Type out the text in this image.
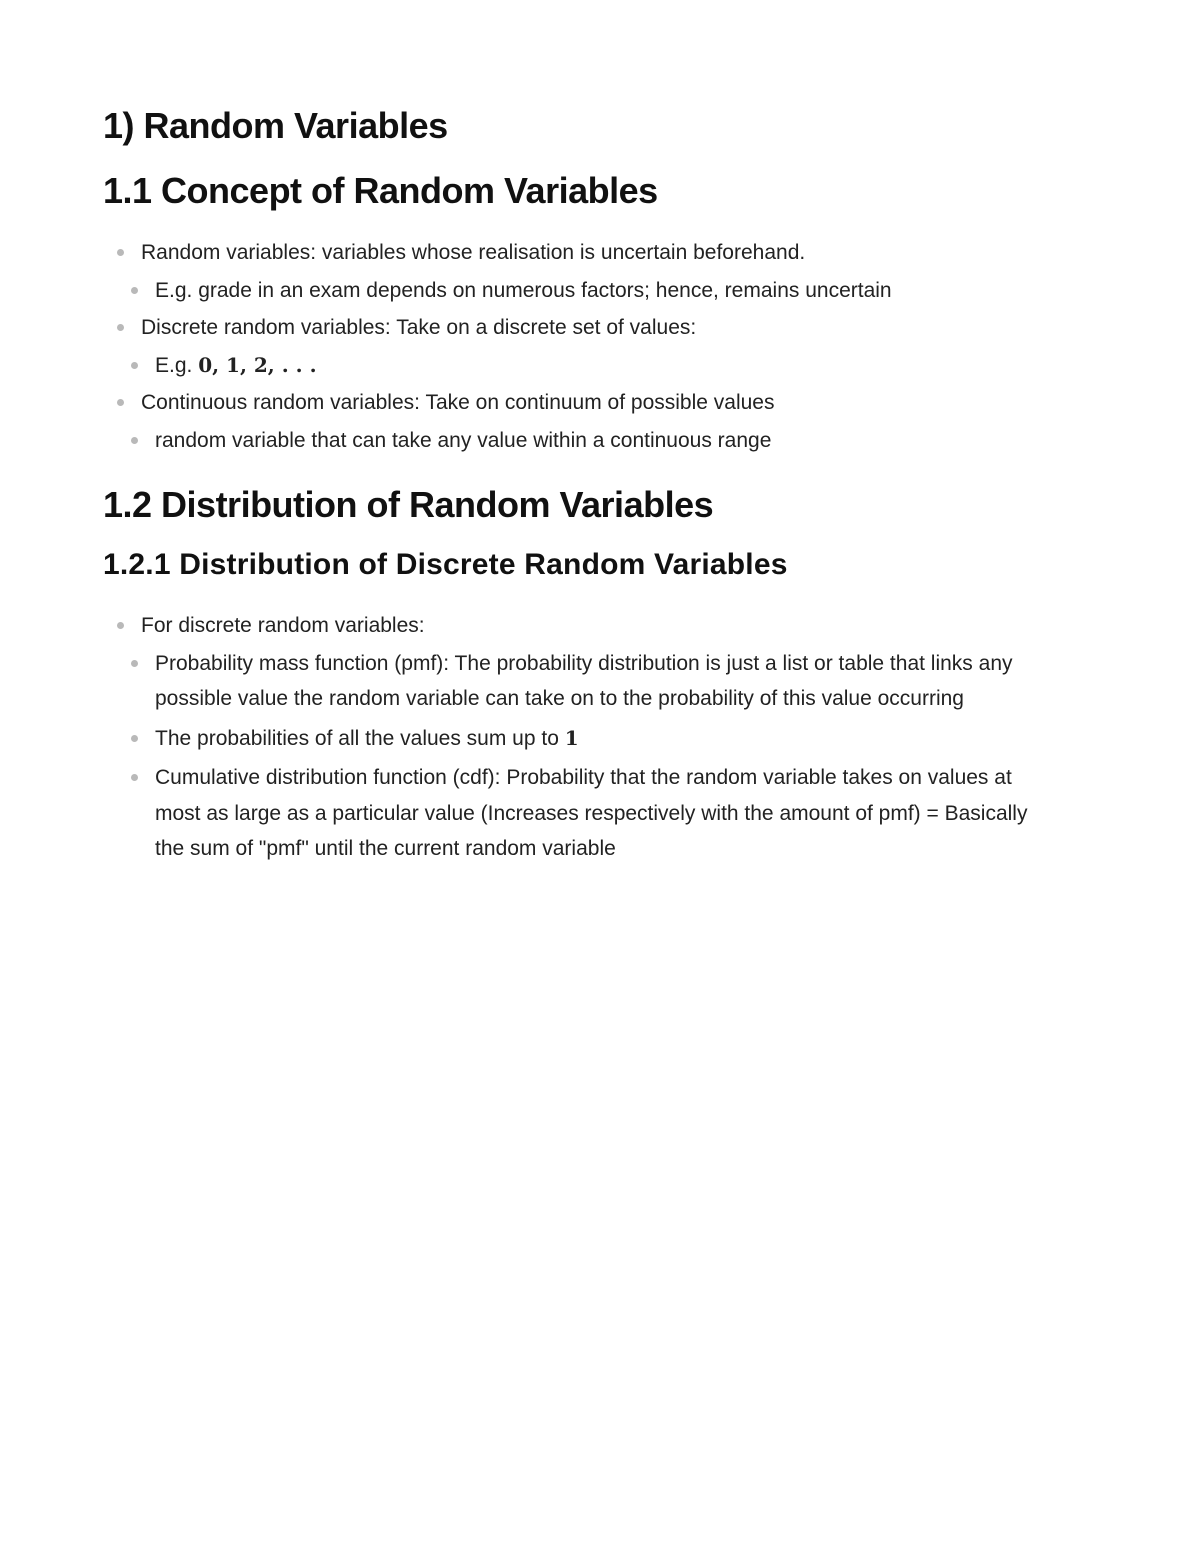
1) Random Variables
1.1 Concept of Random Variables
Random variables: variables whose realisation is uncertain beforehand.
E.g. grade in an exam depends on numerous factors; hence, remains uncertain
Discrete random variables: Take on a discrete set of values:
E.g. 0, 1, 2, . . .
Continuous random variables: Take on continuum of possible values
random variable that can take any value within a continuous range
1.2 Distribution of Random Variables
1.2.1 Distribution of Discrete Random Variables
For discrete random variables:
Probability mass function (pmf): The probability distribution is just a list or table that links any possible value the random variable can take on to the probability of this value occurring
The probabilities of all the values sum up to 1
Cumulative distribution function (cdf): Probability that the random variable takes on values at most as large as a particular value (Increases respectively with the amount of pmf) = Basically the sum of "pmf" until the current random variable
